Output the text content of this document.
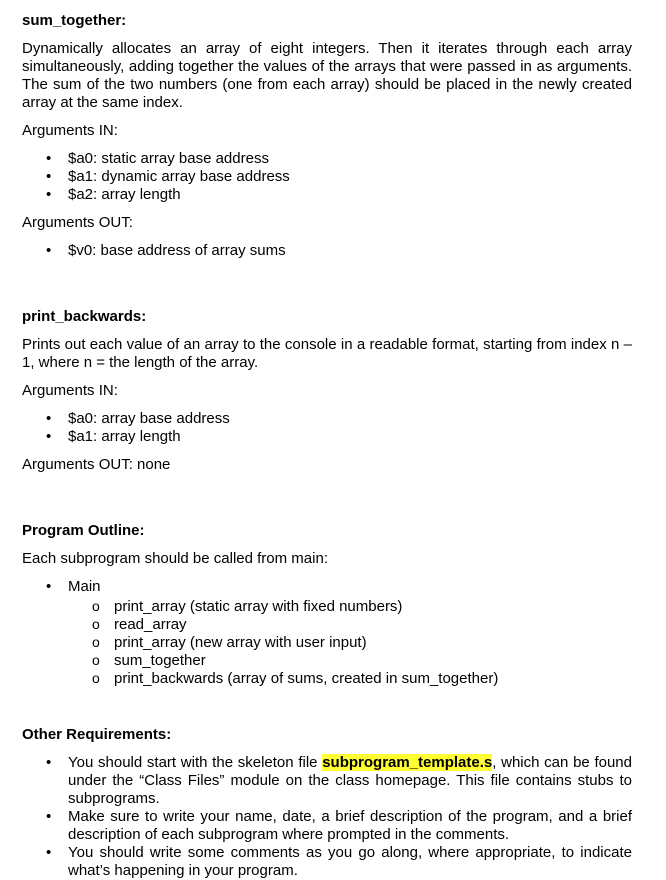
sum_together:
Dynamically allocates an array of eight integers. Then it iterates through each array simultaneously, adding together the values of the arrays that were passed in as arguments. The sum of the two numbers (one from each array) should be placed in the newly created array at the same index.
Arguments IN:
• $a0: static array base address
• $a1: dynamic array base address
• $a2: array length
Arguments OUT:
• $v0: base address of array sums
print_backwards:
Prints out each value of an array to the console in a readable format, starting from index n – 1, where n = the length of the array.
Arguments IN:
• $a0: array base address
• $a1: array length
Arguments OUT: none
Program Outline:
Each subprogram should be called from main:
• Main
o print_array (static array with fixed numbers)
o read_array
o print_array (new array with user input)
o sum_together
o print_backwards (array of sums, created in sum_together)
Other Requirements:
• You should start with the skeleton file subprogram_template.s, which can be found under the “Class Files” module on the class homepage. This file contains stubs to subprograms.
• Make sure to write your name, date, a brief description of the program, and a brief description of each subprogram where prompted in the comments.
• You should write some comments as you go along, where appropriate, to indicate what’s happening in your program.
